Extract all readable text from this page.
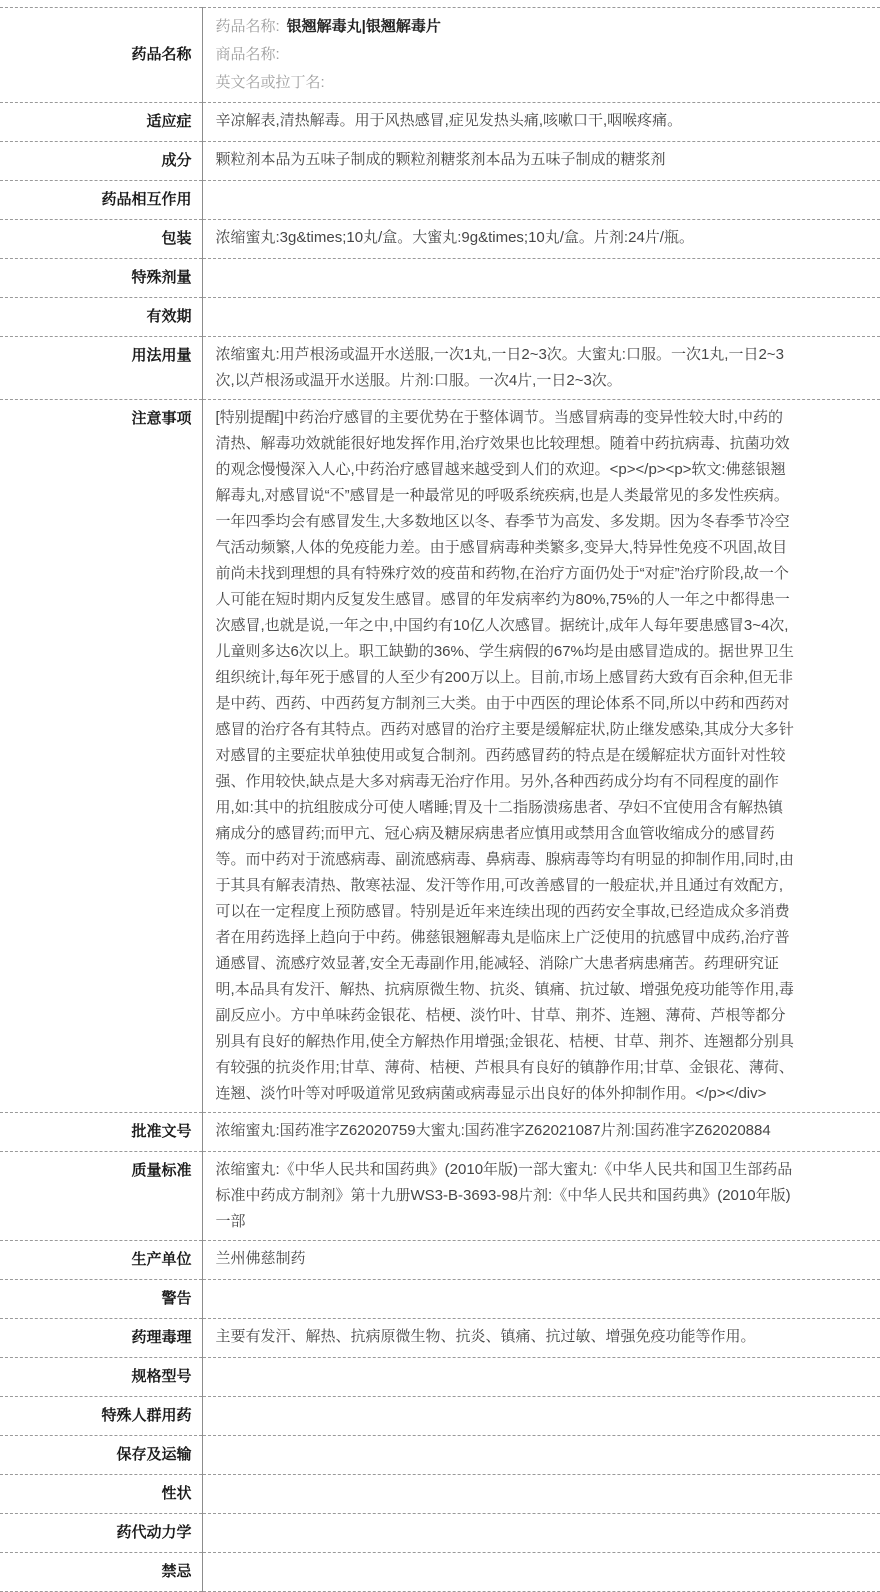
药品名称	药品名称: 银翘解毒丸|银翘解毒片
商品名称:
英文名或拉丁名:

适应症	辛凉解表,清热解毒。用于风热感冒,症见发热头痛,咳嗽口干,咽喉疼痛。

成分	颗粒剂本品为五味子制成的颗粒剂糖浆剂本品为五味子制成的糖浆剂

药品相互作用	

包装	浓缩蜜丸:3g&times;10丸/盒。大蜜丸:9g&times;10丸/盒。片剂:24片/瓶。

特殊剂量	

有效期	

用法用量	浓缩蜜丸:用芦根汤或温开水送服,一次1丸,一日2~3次。大蜜丸:口服。一次1丸,一日2~3次,以芦根汤或温开水送服。片剂:口服。一次4片,一日2~3次。

注意事项	[特别提醒]中药治疗感冒的主要优势在于整体调节。当感冒病毒的变异性较大时,中药的清热、解毒功效就能很好地发挥作用,治疗效果也比较理想。随着中药抗病毒、抗菌功效的观念慢慢深入人心,中药治疗感冒越来越受到人们的欢迎。<p></p><p>软文:佛慈银翘解毒丸,对感冒说“不”感冒是一种最常见的呼吸系统疾病,也是人类最常见的多发性疾病。一年四季均会有感冒发生,大多数地区以冬、春季节为高发、多发期。因为冬春季节冷空气活动频繁,人体的免疫能力差。由于感冒病毒种类繁多,变异大,特异性免疫不巩固,故目前尚未找到理想的具有特殊疗效的疫苗和药物,在治疗方面仍处于“对症”治疗阶段,故一个人可能在短时期内反复发生感冒。感冒的年发病率约为80%,75%的人一年之中都得患一次感冒,也就是说,一年之中,中国约有10亿人次感冒。据统计,成年人每年要患感冒3~4次,儿童则多达6次以上。职工缺勤的36%、学生病假的67%均是由感冒造成的。据世界卫生组织统计,每年死于感冒的人至少有200万以上。目前,市场上感冒药大致有百余种,但无非是中药、西药、中西药复方制剂三大类。由于中西医的理论体系不同,所以中药和西药对感冒的治疗各有其特点。西药对感冒的治疗主要是缓解症状,防止继发感染,其成分大多针对感冒的主要症状单独使用或复合制剂。西药感冒药的特点是在缓解症状方面针对性较强、作用较快,缺点是大多对病毒无治疗作用。另外,各种西药成分均有不同程度的副作用,如:其中的抗组胺成分可使人嗜睡;胃及十二指肠溃疡患者、孕妇不宜使用含有解热镇痛成分的感冒药;而甲亢、冠心病及糖尿病患者应慎用或禁用含血管收缩成分的感冒药等。而中药对于流感病毒、副流感病毒、鼻病毒、腺病毒等均有明显的抑制作用,同时,由于其具有解表清热、散寒祛湿、发汗等作用,可改善感冒的一般症状,并且通过有效配方,可以在一定程度上预防感冒。特别是近年来连续出现的西药安全事故,已经造成众多消费者在用药选择上趋向于中药。佛慈银翘解毒丸是临床上广泛使用的抗感冒中成药,治疗普通感冒、流感疗效显著,安全无毒副作用,能减轻、消除广大患者病患痛苦。药理研究证明,本品具有发汗、解热、抗病原微生物、抗炎、镇痛、抗过敏、增强免疫功能等作用,毒副反应小。方中单味药金银花、桔梗、淡竹叶、甘草、荆芥、连翘、薄荷、芦根等都分别具有良好的解热作用,使全方解热作用增强;金银花、桔梗、甘草、荆芥、连翘都分别具有较强的抗炎作用;甘草、薄荷、桔梗、芦根具有良好的镇静作用;甘草、金银花、薄荷、连翘、淡竹叶等对呼吸道常见致病菌或病毒显示出良好的体外抑制作用。</p></div>

批准文号	浓缩蜜丸:国药准字Z62020759大蜜丸:国药准字Z62021087片剂:国药准字Z62020884

质量标准	浓缩蜜丸:《中华人民共和国药典》(2010年版)一部大蜜丸:《中华人民共和国卫生部药品标准中药成方制剂》第十九册WS3-B-3693-98片剂:《中华人民共和国药典》(2010年版)一部

生产单位	兰州佛慈制药

警告	

药理毒理	主要有发汗、解热、抗病原微生物、抗炎、镇痛、抗过敏、增强免疫功能等作用。

规格型号	

特殊人群用药	

保存及运输	

性状	

药代动力学	

禁忌	
